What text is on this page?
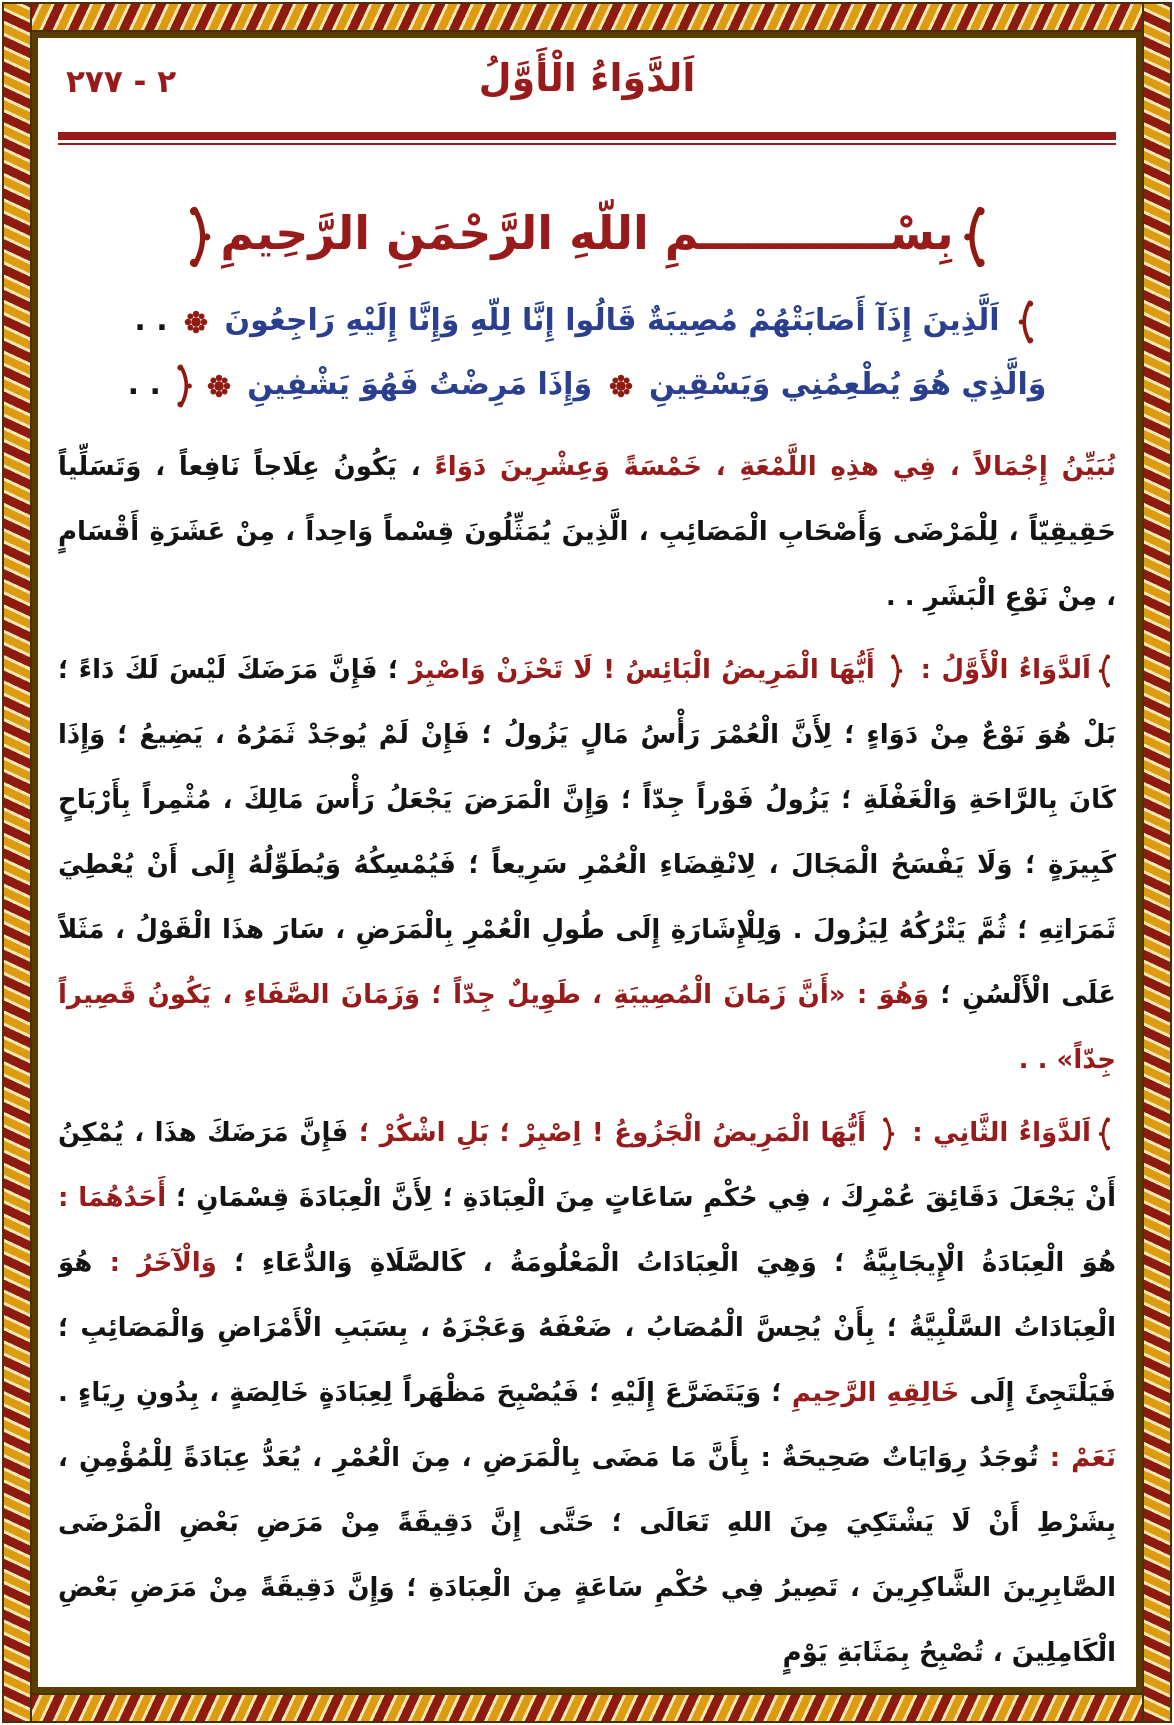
٢ - ٢٧٧	اَلدَّوَاءُ الْأَوَّلُ
بِسْــــــــــــمِ اللّهِ الرَّحْمَنِ الرَّحِيمِ
اَلَّذِينَ إِذَآ أَصَابَتْهُمْ مُصِيبَةٌ قَالُوا إِنَّا لِلّهِ وَإِنَّا إِلَيْهِ رَاجِعُونَ  . .
وَالَّذِي هُوَ يُطْعِمُنِي وَيَسْقِينِ  وَإِذَا مَرِضْتُ فَهُوَ يَشْفِينِ  . .

نُبَيِّنُ إِجْمَالاً ، فِي هذِهِ اللَّمْعَةِ ، خَمْسَةً وَعِشْرِينَ دَوَاءً ، يَكُونُ عِلَاجاً نَافِعاً ، وَتَسَلِّياً حَقِيقِيّاً ، لِلْمَرْضَى وَأَصْحَابِ الْمَصَائِبِ ، الَّذِينَ يُمَثِّلُونَ قِسْماً وَاحِداً ، مِنْ عَشَرَةِ أَقْسَامٍ ، مِنْ نَوْعِ الْبَشَرِ . .

اَلدَّوَاءُ الْأَوَّلُ :  أَيُّهَا الْمَرِيضُ الْبَائِسُ ! لَا تَحْزَنْ وَاصْبِرْ ؛ فَإِنَّ مَرَضَكَ لَيْسَ لَكَ دَاءً ؛ بَلْ هُوَ نَوْعٌ مِنْ دَوَاءٍ ؛ لِأَنَّ الْعُمْرَ رَأْسُ مَالٍ يَزُولُ ؛ فَإِنْ لَمْ يُوجَدْ ثَمَرُهُ ، يَضِيعُ ؛ وَإِذَا كَانَ بِالرَّاحَةِ وَالْغَفْلَةِ ؛ يَزُولُ فَوْراً جِدّاً ؛ وَإِنَّ الْمَرَضَ يَجْعَلُ رَأْسَ مَالِكَ ، مُثْمِراً بِأَرْبَاحٍ كَبِيرَةٍ ؛ وَلَا يَفْسَحُ الْمَجَالَ ، لِانْقِضَاءِ الْعُمْرِ سَرِيعاً ؛ فَيُمْسِكُهُ وَيُطَوِّلُهُ إِلَى أَنْ يُعْطِيَ ثَمَرَاتِهِ ؛ ثُمَّ يَتْرُكُهُ لِيَزُولَ . وَلِلْإِشَارَةِ إِلَى طُولِ الْعُمْرِ بِالْمَرَضِ ، سَارَ هذَا الْقَوْلُ ، مَثَلاً عَلَى الْأَلْسُنِ ؛ وَهُوَ : «أَنَّ زَمَانَ الْمُصِيبَةِ ، طَوِيلٌ جِدّاً ؛ وَزَمَانَ الصَّفَاءِ ، يَكُونُ قَصِيراً جِدّاً» . .

اَلدَّوَاءُ الثَّانِي :  أَيُّهَا الْمَرِيضُ الْجَزُوعُ ! اِصْبِرْ ؛ بَلِ اشْكُرْ ؛ فَإِنَّ مَرَضَكَ هذَا ، يُمْكِنُ أَنْ يَجْعَلَ دَقَائِقَ عُمْرِكَ ، فِي حُكْمِ سَاعَاتٍ مِنَ الْعِبَادَةِ ؛ لِأَنَّ الْعِبَادَةَ قِسْمَانِ ؛ أَحَدُهُمَا : هُوَ الْعِبَادَةُ الْإِيجَابِيَّةُ ؛ وَهِيَ الْعِبَادَاتُ الْمَعْلُومَةُ ، كَالصَّلَاةِ وَالدُّعَاءِ ؛ وَالْآخَرُ : هُوَ الْعِبَادَاتُ السَّلْبِيَّةُ ؛ بِأَنْ يُحِسَّ الْمُصَابُ ، ضَعْفَهُ وَعَجْزَهُ ، بِسَبَبِ الْأَمْرَاضِ وَالْمَصَائِبِ ؛ فَيَلْتَجِئَ إِلَى خَالِقِهِ الرَّحِيمِ ؛ وَيَتَضَرَّعَ إِلَيْهِ ؛ فَيُصْبِحَ مَظْهَراً لِعِبَادَةٍ خَالِصَةٍ ، بِدُونِ رِيَاءٍ . نَعَمْ : تُوجَدُ رِوَايَاتٌ صَحِيحَةٌ : بِأَنَّ مَا مَضَى بِالْمَرَضِ ، مِنَ الْعُمْرِ ، يُعَدُّ عِبَادَةً لِلْمُؤْمِنِ ، بِشَرْطِ أَنْ لَا يَشْتَكِيَ مِنَ اللهِ تَعَالَى ؛ حَتَّى إِنَّ دَقِيقَةً مِنْ مَرَضِ بَعْضِ الْمَرْضَى الصَّابِرِينَ الشَّاكِرِينَ ، تَصِيرُ فِي حُكْمِ سَاعَةٍ مِنَ الْعِبَادَةِ ؛ وَإِنَّ دَقِيقَةً مِنْ مَرَضِ بَعْضِ الْكَامِلِينَ ، تُصْبِحُ بِمَثَابَةِ يَوْمٍ
